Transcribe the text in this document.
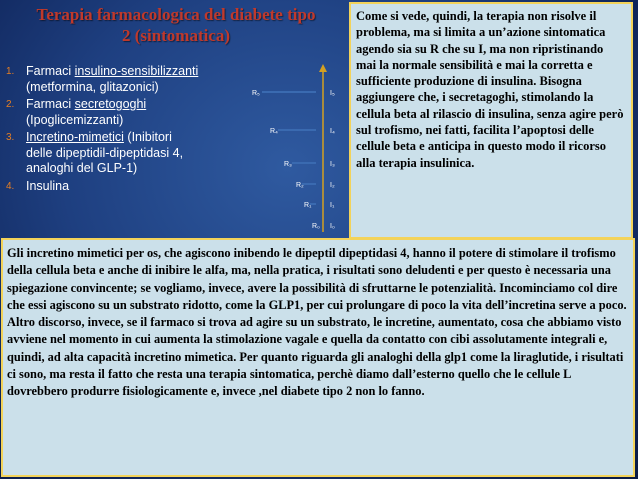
Terapia farmacologica del diabete tipo
2 (sintomatica)
1. Farmaci insulino-sensibilizzanti
(metformina, glitazonici)
2. Farmaci secretogoghi
(Ipoglicemizzanti)
3. Incretino-mimetici (Inibitori
delle dipeptidil-dipeptidasi 4,
analoghi del GLP-1)
4. Insulina
R₅
R₄
R₃
R₂
R₁
R₀
I₅
I₄
I₃
I₂
I₁
I₀
Come si vede, quindi, la terapia non risolve il problema, ma si limita a un’azione sintomatica agendo sia su R che su I, ma non ripristinando mai la normale sensibilità e mai la corretta e sufficiente produzione di insulina. Bisogna aggiungere che, i secretagoghi, stimolando la cellula beta al rilascio di insulina, senza agire però sul trofismo, nei fatti, facilita l’apoptosi delle cellule beta e anticipa in questo modo il ricorso alla terapia insulinica.
Gli incretino mimetici per os, che agiscono inibendo le dipeptil dipeptidasi 4, hanno il potere di stimolare il trofismo della cellula beta e anche di inibire le alfa, ma, nella pratica, i risultati sono deludenti e per questo è necessaria una spiegazione convincente; se vogliamo, invece, avere la possibilità di sfruttarne le potenzialità. Incominciamo col dire che essi agiscono su un substrato ridotto, come la GLP1, per cui prolungare di poco la vita dell’incretina serve a poco. Altro discorso, invece, se il farmaco si trova ad agire su un substrato, le incretine, aumentato, cosa che abbiamo visto avviene nel momento in cui aumenta la stimolazione vagale e quella da contatto con cibi assolutamente integrali e, quindi, ad alta capacità incretino mimetica. Per quanto riguarda gli analoghi della glp1 come la liraglutide, i risultati ci sono, ma resta il fatto che resta una terapia sintomatica, perchè diamo dall’esterno quello che le cellule L dovrebbero produrre fisiologicamente e, invece ,nel diabete tipo 2 non lo fanno.
